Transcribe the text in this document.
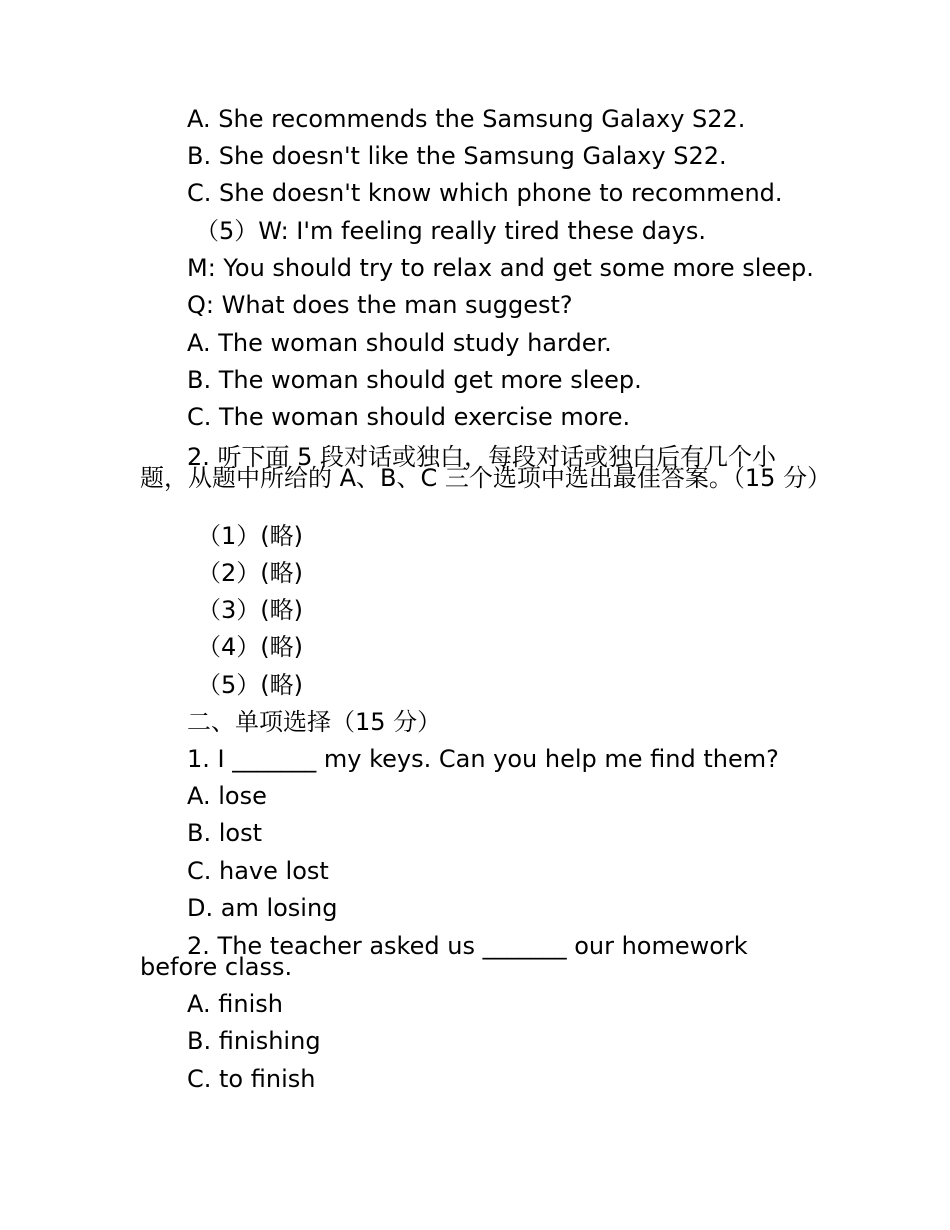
A. She recommends the Samsung Galaxy S22.
B. She doesn't like the Samsung Galaxy S22.
C. She doesn't know which phone to recommend.
（5）W: I'm feeling really tired these days.
M: You should try to relax and get some more sleep.
Q: What does the man suggest?
A. The woman should study harder.
B. The woman should get more sleep.
C. The woman should exercise more.
2. 听下面 5 段对话或独白，每段对话或独白后有几个小题，从题中所给的 A、B、C 三个选项中选出最佳答案。（15 分）
（1）(略)
（2）(略)
（3）(略)
（4）(略)
（5）(略)
二、单项选择（15 分）
1. I _______ my keys. Can you help me find them?
A. lose
B. lost
C. have lost
D. am losing
2. The teacher asked us _______ our homework before class.
A. finish
B. finishing
C. to finish
